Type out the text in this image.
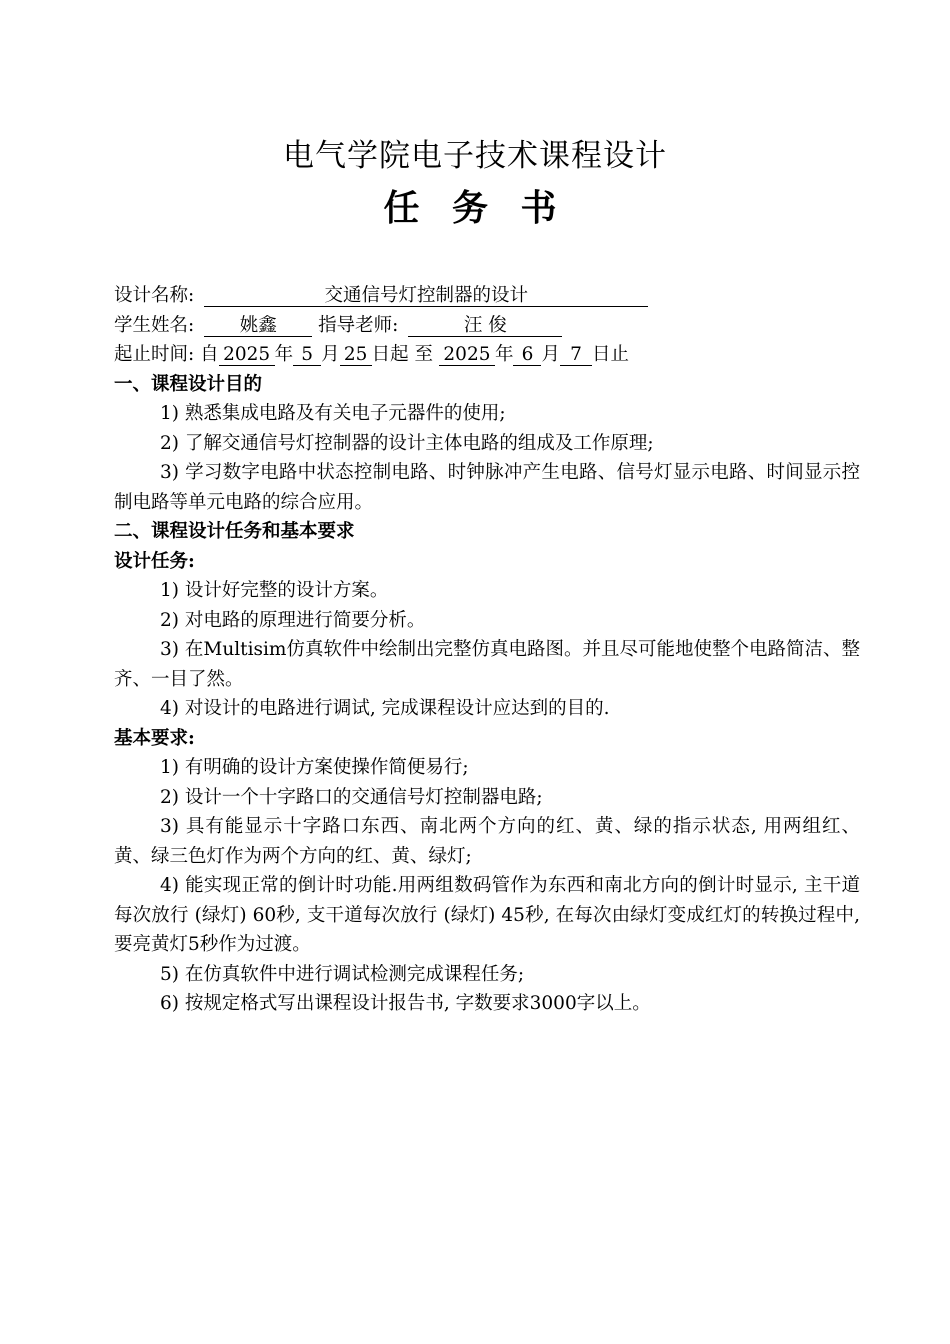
电气学院电子技术课程设计
任 务 书
设计名称:	交通信号灯控制器的设计
学生姓名: 姚鑫 指导老师:	汪 俊
起止时间: 自 2025 年 5 月 25 日起 至 2025 年 6 月 7 日止
一、课程设计目的
1) 熟悉集成电路及有关电子元器件的使用;
2) 了解交通信号灯控制器的设计主体电路的组成及工作原理;
3) 学习数字电路中状态控制电路、时钟脉冲产生电路、信号灯显示电路、时间显示控制电路等单元电路的综合应用。
二、课程设计任务和基本要求
设计任务:
1) 设计好完整的设计方案。
2) 对电路的原理进行简要分析。
3) 在Multisim仿真软件中绘制出完整仿真电路图。并且尽可能地使整个电路简洁、整齐、一目了然。
4) 对设计的电路进行调试, 完成课程设计应达到的目的.
基本要求:
1) 有明确的设计方案使操作简便易行;
2) 设计一个十字路口的交通信号灯控制器电路;
3) 具有能显示十字路口东西、南北两个方向的红、黄、绿的指示状态, 用两组红、黄、绿三色灯作为两个方向的红、黄、绿灯;
4) 能实现正常的倒计时功能.用两组数码管作为东西和南北方向的倒计时显示, 主干道每次放行 (绿灯) 60秒, 支干道每次放行 (绿灯) 45秒, 在每次由绿灯变成红灯的转换过程中, 要亮黄灯5秒作为过渡。
5) 在仿真软件中进行调试检测完成课程任务;
6) 按规定格式写出课程设计报告书, 字数要求3000字以上。
